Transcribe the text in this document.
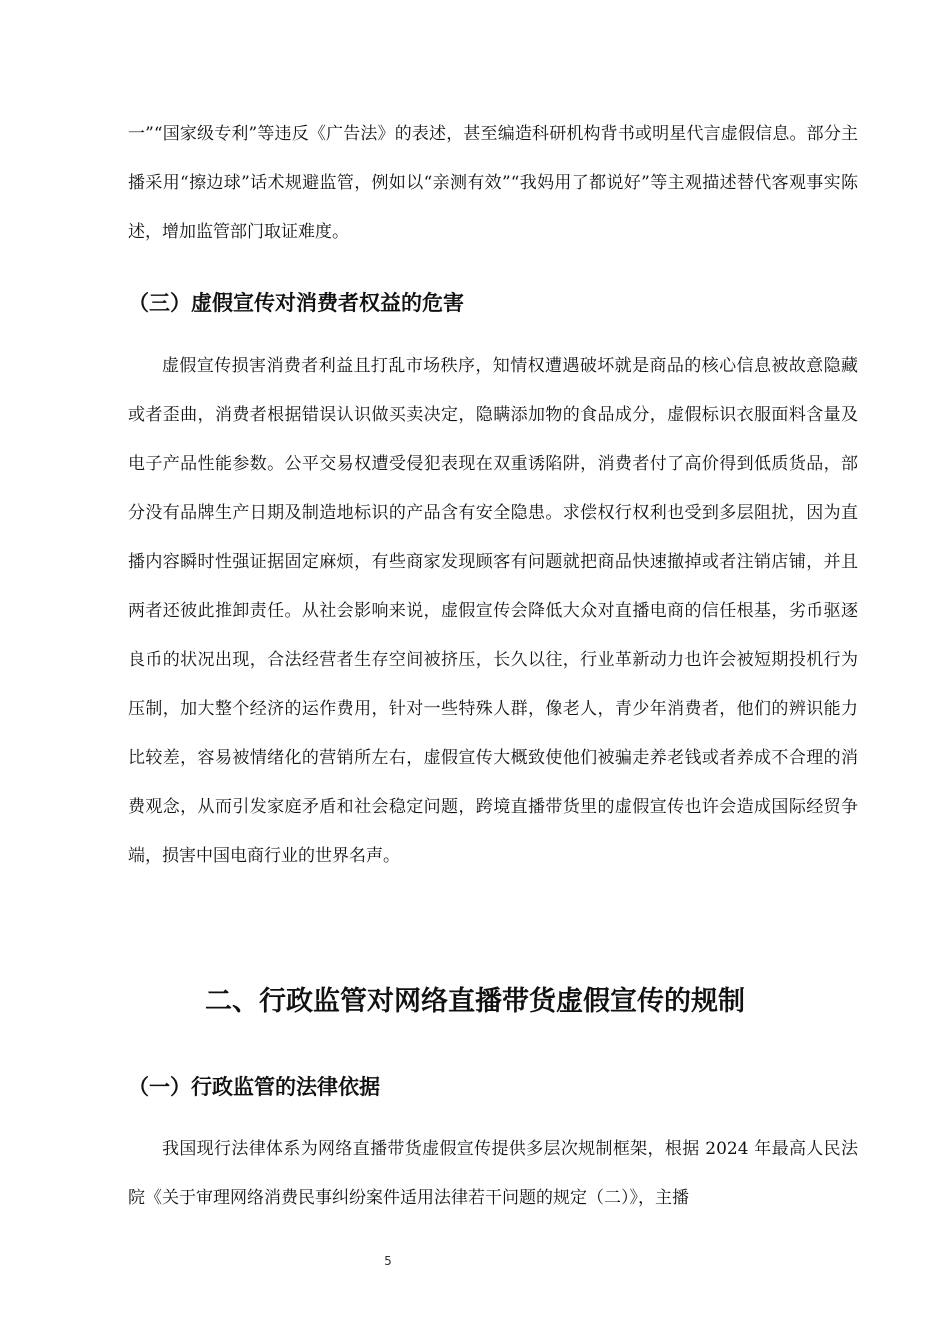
一”“国家级专利”等违反《广告法》的表述，甚至编造科研机构背书或明星代言虚假信息。部分主播采用“擦边球”话术规避监管，例如以“亲测有效”“我妈用了都说好”等主观描述替代客观事实陈述，增加监管部门取证难度。

（三）虚假宣传对消费者权益的危害

虚假宣传损害消费者利益且打乱市场秩序，知情权遭遇破坏就是商品的核心信息被故意隐藏或者歪曲，消费者根据错误认识做买卖决定，隐瞒添加物的食品成分，虚假标识衣服面料含量及电子产品性能参数。公平交易权遭受侵犯表现在双重诱陷阱，消费者付了高价得到低质货品，部分没有品牌生产日期及制造地标识的产品含有安全隐患。求偿权行权利也受到多层阻扰，因为直播内容瞬时性强证据固定麻烦，有些商家发现顾客有问题就把商品快速撤掉或者注销店铺，并且两者还彼此推卸责任。从社会影响来说，虚假宣传会降低大众对直播电商的信任根基，劣币驱逐良币的状况出现，合法经营者生存空间被挤压，长久以往，行业革新动力也许会被短期投机行为压制，加大整个经济的运作费用，针对一些特殊人群，像老人，青少年消费者，他们的辨识能力比较差，容易被情绪化的营销所左右，虚假宣传大概致使他们被骗走养老钱或者养成不合理的消费观念，从而引发家庭矛盾和社会稳定问题，跨境直播带货里的虚假宣传也许会造成国际经贸争端，损害中国电商行业的世界名声。

二、行政监管对网络直播带货虚假宣传的规制
（一）行政监管的法律依据

我国现行法律体系为网络直播带货虚假宣传提供多层次规制框架，根据 2024 年最高人民法院《关于审理网络消费民事纠纷案件适用法律若干问题的规定（二）》，主播

5
